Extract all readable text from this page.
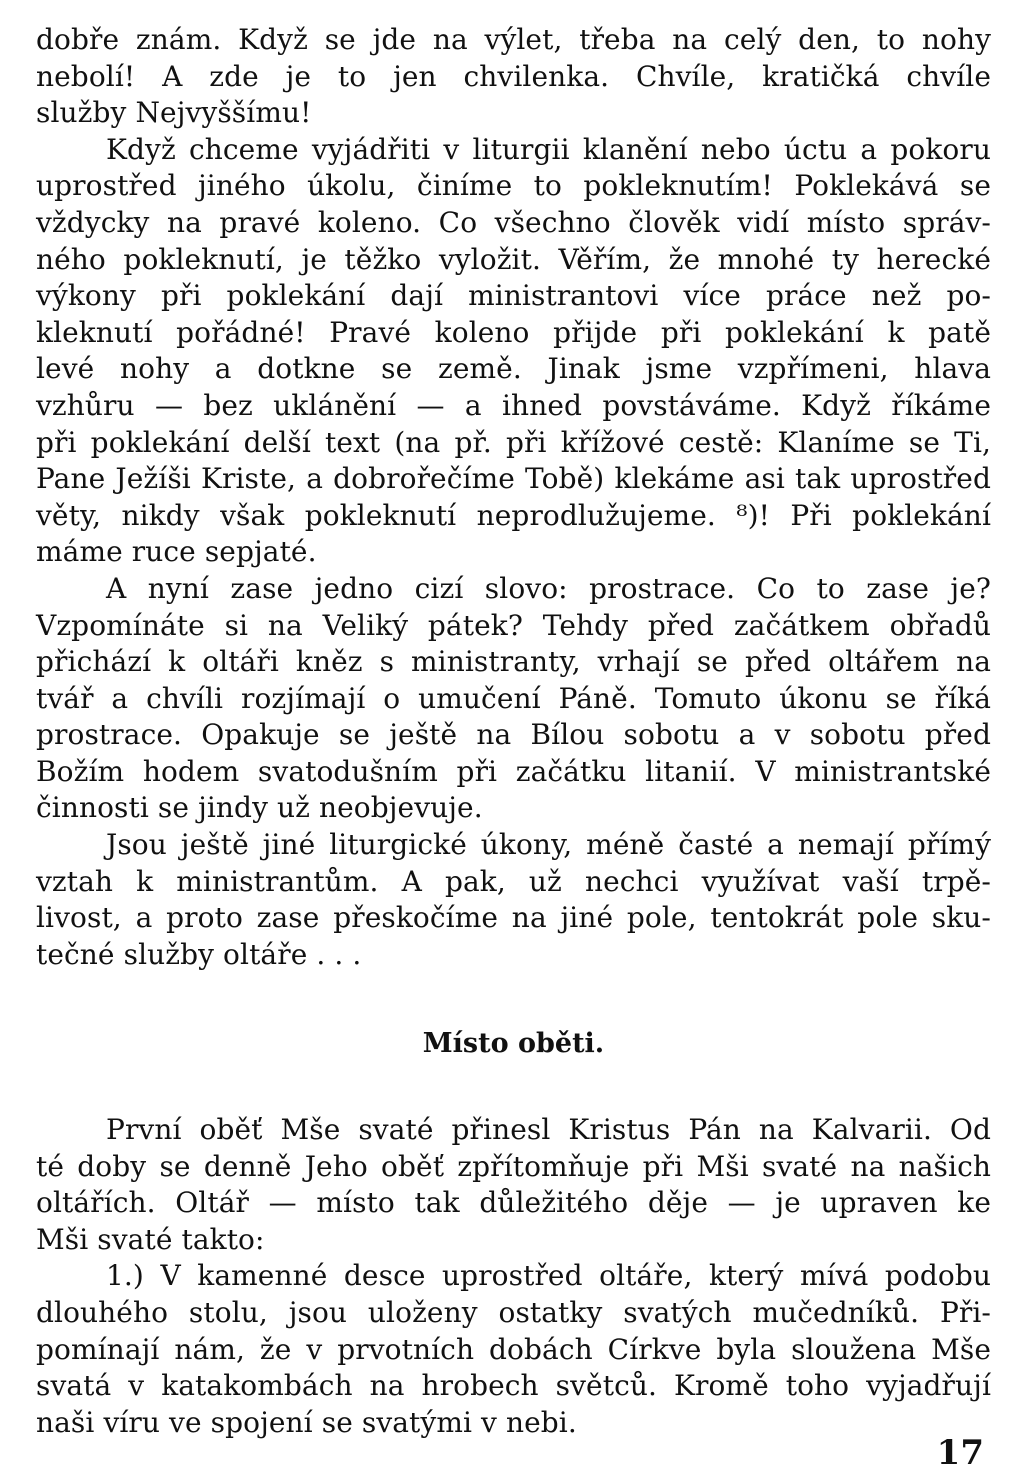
dobře znám. Když se jde na výlet, třeba na celý den, to nohy
nebolí! A zde je to jen chvilenka. Chvíle, kratičká chvíle
služby Nejvyššímu!
Když chceme vyjádřiti v liturgii klanění nebo úctu a pokoru
uprostřed jiného úkolu, činíme to pokleknutím! Poklekává se
vždycky na pravé koleno. Co všechno člověk vidí místo správ-
ného pokleknutí, je těžko vyložit. Věřím, že mnohé ty herecké
výkony při poklekání dají ministrantovi více práce než po-
kleknutí pořádné! Pravé koleno přijde při poklekání k patě
levé nohy a dotkne se země. Jinak jsme vzpřímeni, hlava
vzhůru — bez uklánění — a ihned povstáváme. Když říkáme
při poklekání delší text (na př. při křížové cestě: Klaníme se Ti,
Pane Ježíši Kriste, a dobrořečíme Tobě) klekáme asi tak uprostřed
věty, nikdy však pokleknutí neprodlužujeme. ⁸)! Při poklekání
máme ruce sepjaté.
A nyní zase jedno cizí slovo: prostrace. Co to zase je?
Vzpomínáte si na Veliký pátek? Tehdy před začátkem obřadů
přichází k oltáři kněz s ministranty, vrhají se před oltářem na
tvář a chvíli rozjímají o umučení Páně. Tomuto úkonu se říká
prostrace. Opakuje se ještě na Bílou sobotu a v sobotu před
Božím hodem svatodušním při začátku litanií. V ministrantské
činnosti se jindy už neobjevuje.
Jsou ještě jiné liturgické úkony, méně časté a nemají přímý
vztah k ministrantům. A pak, už nechci využívat vaší trpě-
livost, a proto zase přeskočíme na jiné pole, tentokrát pole sku-
tečné služby oltáře . . .
Místo oběti.
První oběť Mše svaté přinesl Kristus Pán na Kalvarii. Od
té doby se denně Jeho oběť zpřítomňuje při Mši svaté na našich
oltářích. Oltář — místo tak důležitého děje — je upraven ke
Mši svaté takto:
1.) V kamenné desce uprostřed oltáře, který mívá podobu
dlouhého stolu, jsou uloženy ostatky svatých mučedníků. Při-
pomínají nám, že v prvotních dobách Církve byla sloužena Mše
svatá v katakombách na hrobech světců. Kromě toho vyjadřují
naši víru ve spojení se svatými v nebi.
17
